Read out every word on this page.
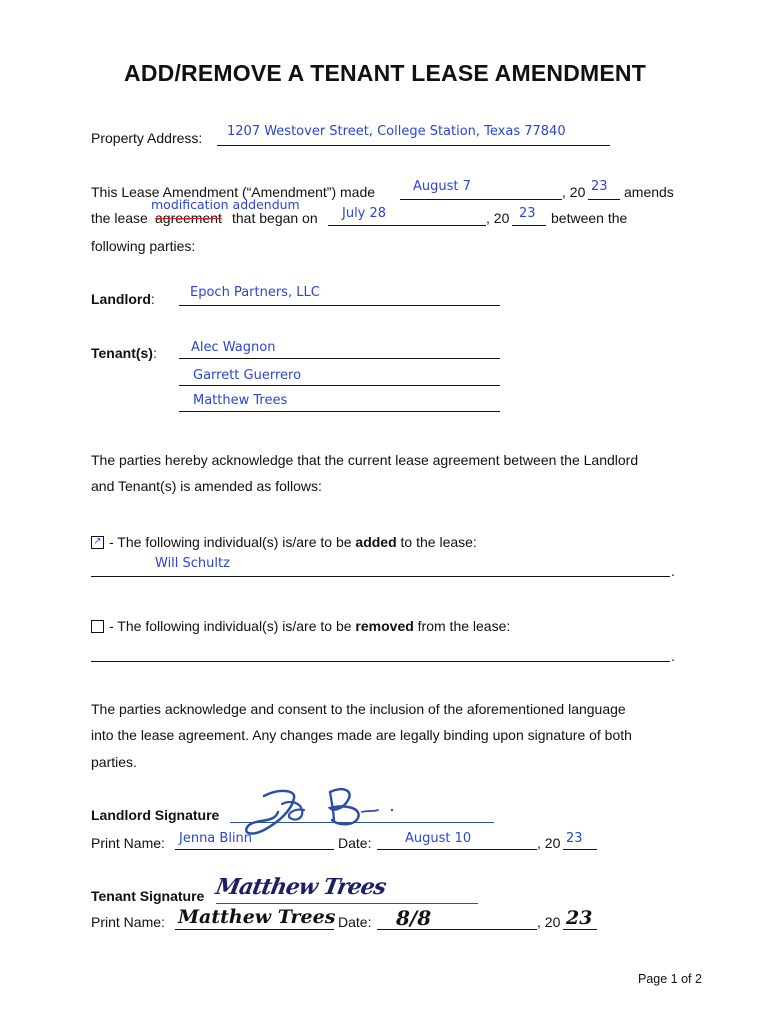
ADD/REMOVE A TENANT LEASE AMENDMENT
Property Address: 1207 Westover Street, College Station, Texas 77840
This Lease Amendment (“Amendment”) made	August 7	, 20 23 amends
modification addendum
the lease agreement that began on July 28	, 20 23 between the
following parties:
Landlord:	Epoch Partners, LLC
Tenant(s):	Alec Wagnon
Garrett Guerrero
Matthew Trees
The parties hereby acknowledge that the current lease agreement between the Landlord
and Tenant(s) is amended as follows:
↗ - The following individual(s) is/are to be added to the lease:
Will Schultz	.
- The following individual(s) is/are to be removed from the lease:
.
The parties acknowledge and consent to the inclusion of the aforementioned language
into the lease agreement. Any changes made are legally binding upon signature of both
parties.
Landlord Signature
Print Name: Jenna Blinn	Date:	August 10	, 20 23
Tenant Signature Matthew Trees
Print Name: Matthew Trees Date: 8/8	, 20 23
Page 1 of 2
